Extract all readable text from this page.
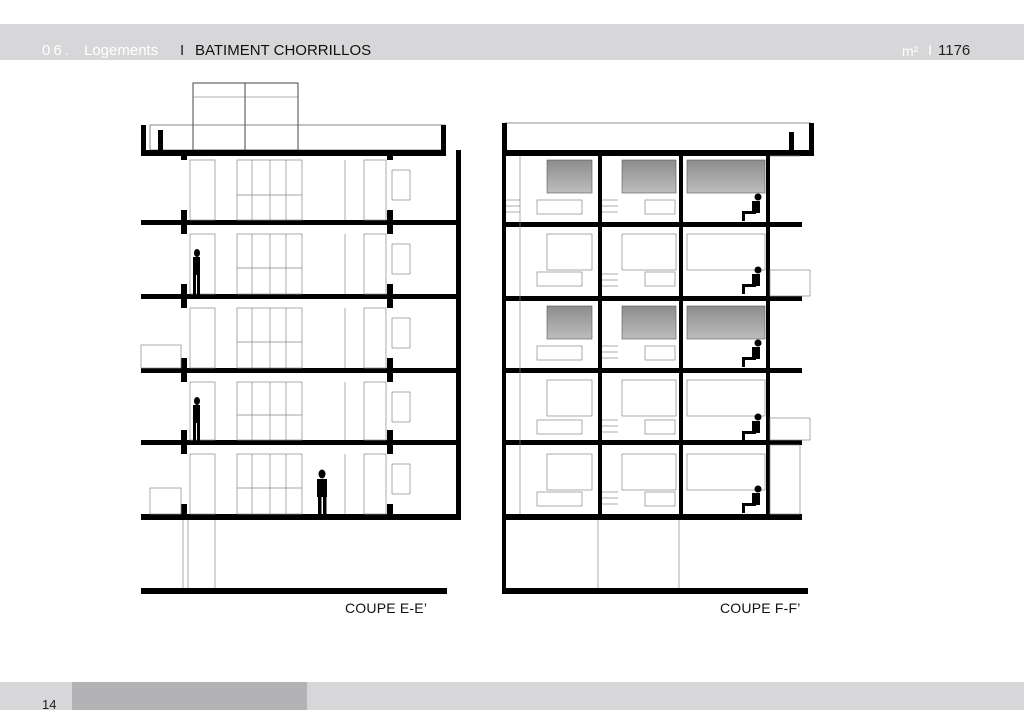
06. Logements I BATIMENT CHORRILLOS	m² I 1176
COUPE E-E’	COUPE F-F’
14
